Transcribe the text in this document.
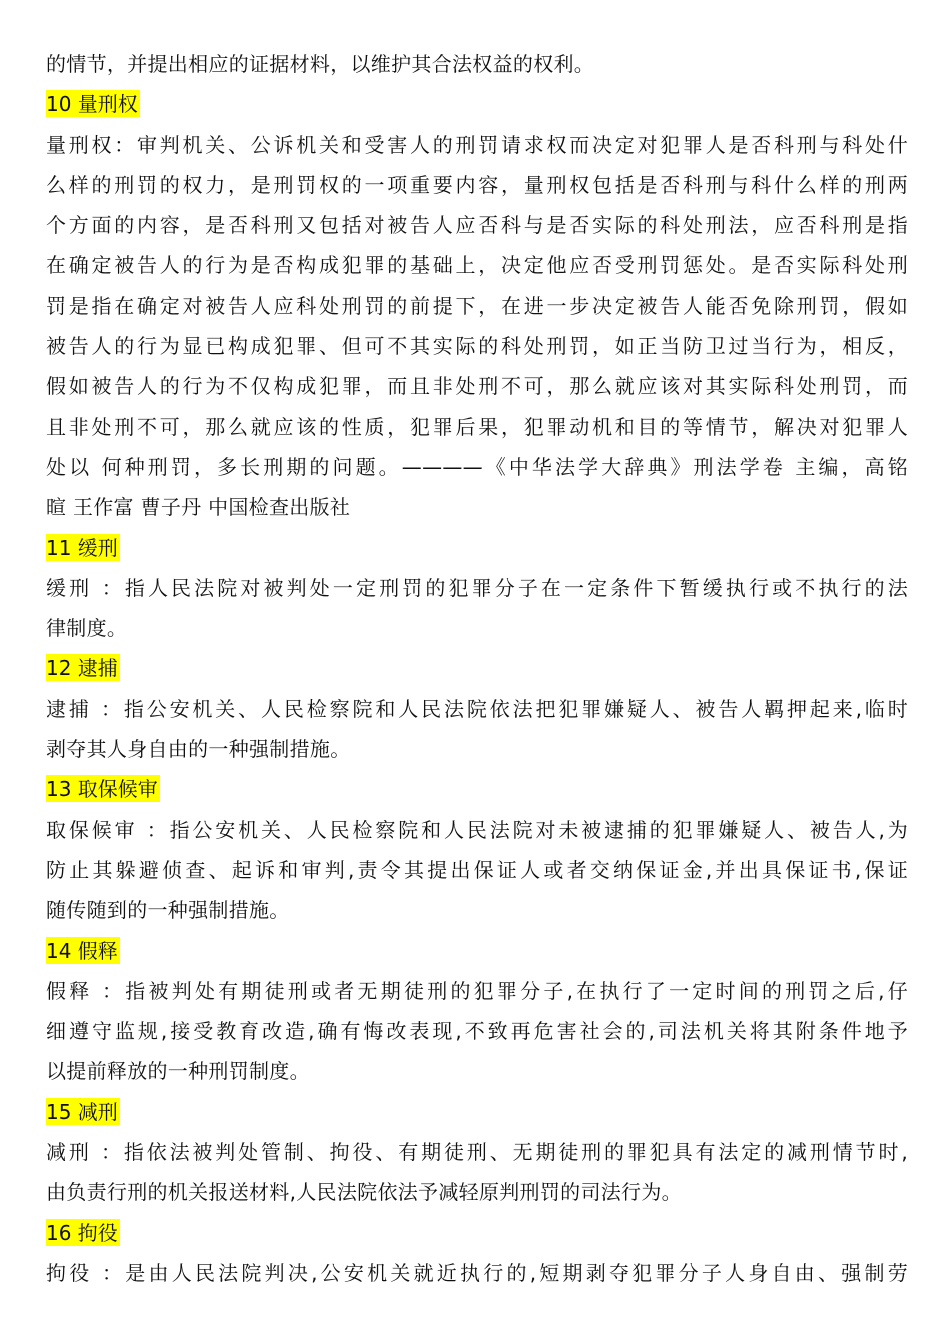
的情节，并提出相应的证据材料，以维护其合法权益的权利。
10 量刑权
量刑权：审判机关、公诉机关和受害人的刑罚请求权而决定对犯罪人是否科刑与科处什
么样的刑罚的权力，是刑罚权的一项重要内容，量刑权包括是否科刑与科什么样的刑两
个方面的内容，是否科刑又包括对被告人应否科与是否实际的科处刑法，应否科刑是指
在确定被告人的行为是否构成犯罪的基础上，决定他应否受刑罚惩处。是否实际科处刑
罚是指在确定对被告人应科处刑罚的前提下，在进一步决定被告人能否免除刑罚，假如
被告人的行为显已构成犯罪、但可不其实际的科处刑罚，如正当防卫过当行为，相反，
假如被告人的行为不仅构成犯罪，而且非处刑不可，那么就应该对其实际科处刑罚，而
且非处刑不可，那么就应该的性质，犯罪后果，犯罪动机和目的等情节，解决对犯罪人
处以 何种刑罚，多长刑期的问题。————《中华法学大辞典》刑法学卷 主编，高铭
暄 王作富 曹子丹 中国检查出版社
11 缓刑
缓刑 ：指人民法院对被判处一定刑罚的犯罪分子在一定条件下暂缓执行或不执行的法
律制度。
12 逮捕
逮捕 ：指公安机关、人民检察院和人民法院依法把犯罪嫌疑人、被告人羁押起来,临时
剥夺其人身自由的一种强制措施。
13 取保候审
取保候审 ：指公安机关、人民检察院和人民法院对未被逮捕的犯罪嫌疑人、被告人,为
防止其躲避侦查、起诉和审判,责令其提出保证人或者交纳保证金,并出具保证书,保证
随传随到的一种强制措施。
14 假释
假释 ：指被判处有期徒刑或者无期徒刑的犯罪分子,在执行了一定时间的刑罚之后,仔
细遵守监规,接受教育改造,确有悔改表现,不致再危害社会的,司法机关将其附条件地予
以提前释放的一种刑罚制度。
15 减刑
减刑 ：指依法被判处管制、拘役、有期徒刑、无期徒刑的罪犯具有法定的减刑情节时,
由负责行刑的机关报送材料,人民法院依法予减轻原判刑罚的司法行为。
16 拘役
拘役 ：是由人民法院判决,公安机关就近执行的,短期剥夺犯罪分子人身自由、强制劳
